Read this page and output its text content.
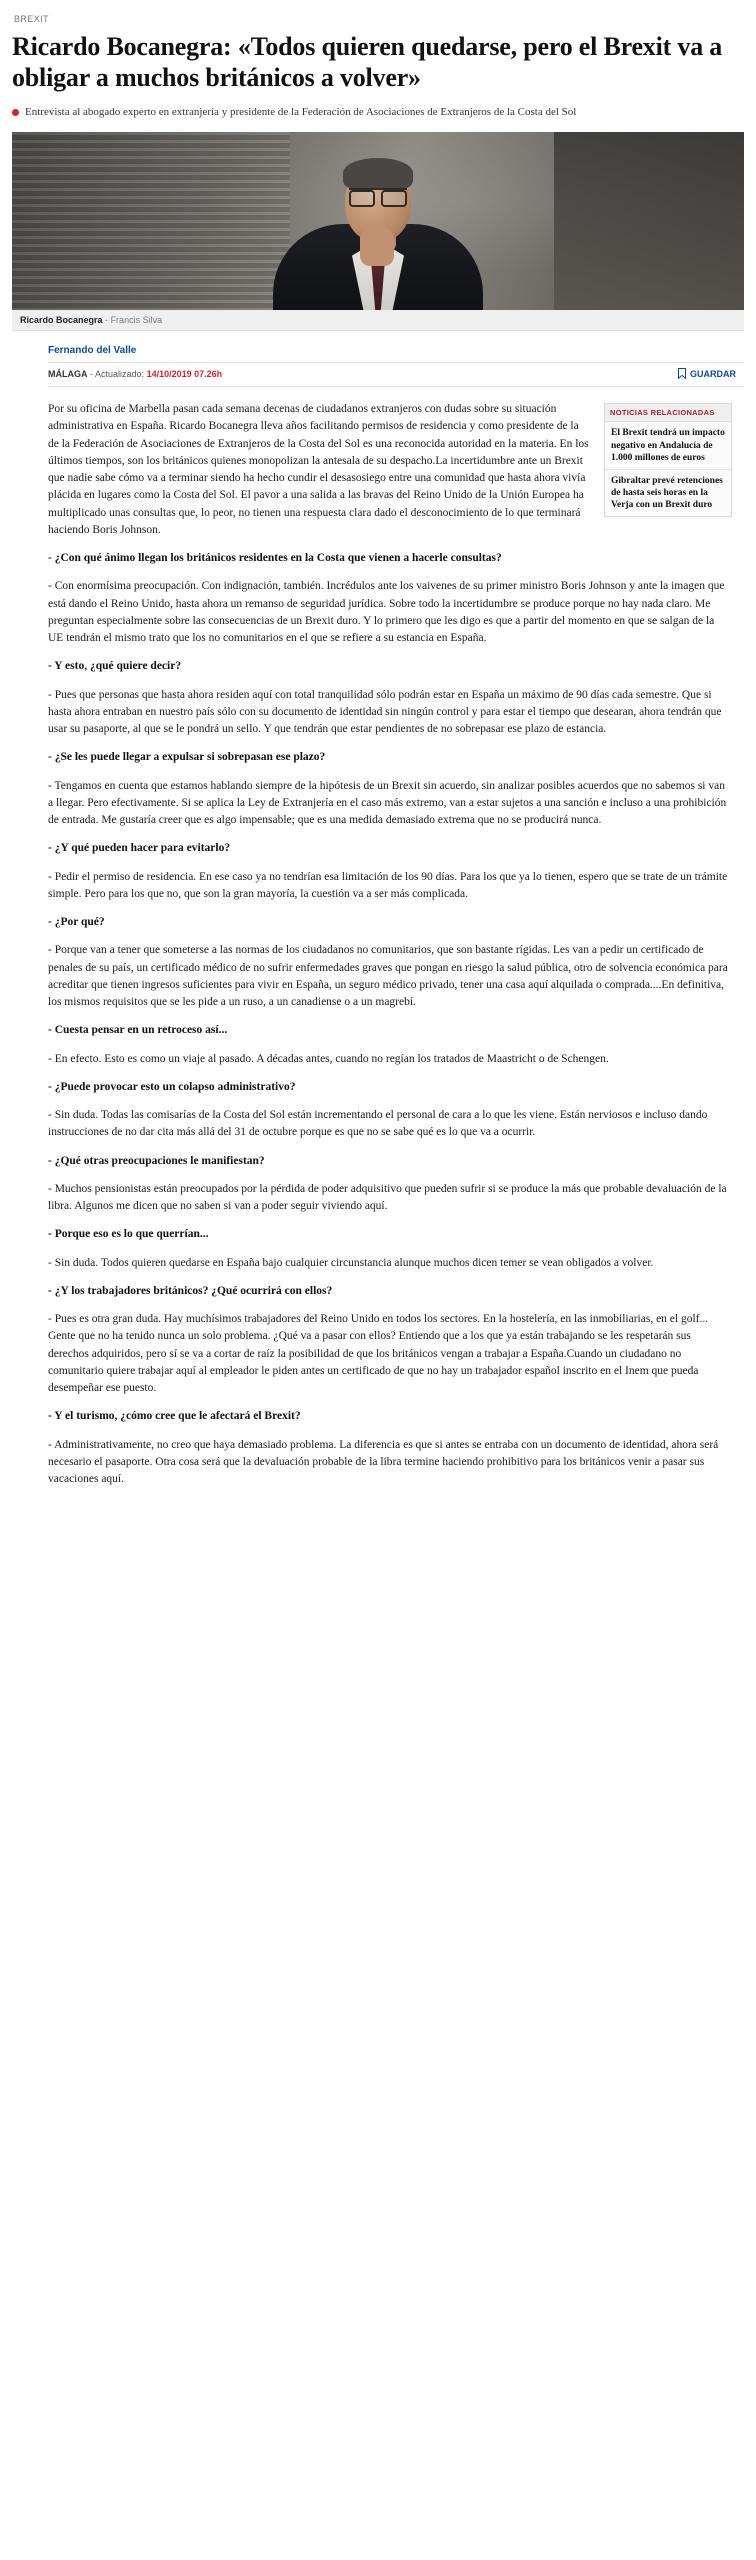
BREXIT
Ricardo Bocanegra: «Todos quieren quedarse, pero el Brexit va a obligar a muchos británicos a volver»
Entrevista al abogado experto en extranjería y presidente de la Federación de Asociaciones de Extranjeros de la Costa del Sol
Ricardo Bocanegra - Francis Silva
Fernando del Valle
MÁLAGA - Actualizado: 14/10/2019 07.26h	GUARDAR
NOTICIAS RELACIONADAS
El Brexit tendrá un impacto negativo en Andalucía de 1.000 millones de euros
Gibraltar prevé retenciones de hasta seis horas en la Verja con un Brexit duro

Por su oficina de Marbella pasan cada semana decenas de ciudadanos extranjeros con dudas sobre su situación administrativa en España. Ricardo Bocanegra lleva años facilitando permisos de residencia y como presidente de la de la Federación de Asociaciones de Extranjeros de la Costa del Sol es una reconocida autoridad en la materia. En los últimos tiempos, son los británicos quienes monopolizan la antesala de su despacho.La incertidumbre ante un Brexit que nadie sabe cómo va a terminar siendo ha hecho cundir el desasosiego entre una comunidad que hasta ahora vivía plácida en lugares como la Costa del Sol. El pavor a una salida a las bravas del Reino Unido de la Unión Europea ha multiplicado unas consultas que, lo peor, no tienen una respuesta clara dado el desconocimiento de lo que terminará haciendo Boris Johnson.

- ¿Con qué ánimo llegan los británicos residentes en la Costa que vienen a hacerle consultas?

- Con enormísima preocupación. Con indignación, también. Incrédulos ante los vaivenes de su primer ministro Boris Johnson y ante la imagen que está dando el Reino Unido, hasta ahora un remanso de seguridad jurídica. Sobre todo la incertidumbre se produce porque no hay nada claro. Me preguntan especialmente sobre las consecuencias de un Brexit duro. Y lo primero que les digo es que a partir del momento en que se salgan de la UE tendrán el mismo trato que los no comunitarios en el que se refiere a su estancia en España.

- Y esto, ¿qué quiere decir?

- Pues que personas que hasta ahora residen aquí con total tranquilidad sólo podrán estar en España un máximo de 90 días cada semestre. Que si hasta ahora entraban en nuestro país sólo con su documento de identidad sin ningún control y para estar el tiempo que desearan, ahora tendrán que usar su pasaporte, al que se le pondrá un sello. Y que tendrán que estar pendientes de no sobrepasar ese plazo de estancia.

- ¿Se les puede llegar a expulsar si sobrepasan ese plazo?

- Tengamos en cuenta que estamos hablando siempre de la hipótesis de un Brexit sin acuerdo, sin analizar posibles acuerdos que no sabemos si van a llegar. Pero efectivamente. Si se aplica la Ley de Extranjería en el caso más extremo, van a estar sujetos a una sanción e incluso a una prohibición de entrada. Me gustaría creer que es algo impensable; que es una medida demasiado extrema que no se producirá nunca.

- ¿Y qué pueden hacer para evitarlo?

- Pedir el permiso de residencia. En ese caso ya no tendrían esa limitación de los 90 días. Para los que ya lo tienen, espero que se trate de un trámite simple. Pero para los que no, que son la gran mayoría, la cuestión va a ser más complicada.

- ¿Por qué?

- Porque van a tener que someterse a las normas de los ciudadanos no comunitarios, que son bastante rígidas. Les van a pedir un certificado de penales de su país, un certificado médico de no sufrir enfermedades graves que pongan en riesgo la salud pública, otro de solvencia económica para acreditar que tienen ingresos suficientes para vivir en España, un seguro médico privado, tener una casa aquí alquilada o comprada....En definitiva, los mismos requisitos que se les pide a un ruso, a un canadiense o a un magrebí.

- Cuesta pensar en un retroceso así...

- En efecto. Esto es como un viaje al pasado. A décadas antes, cuando no regían los tratados de Maastricht o de Schengen.

- ¿Puede provocar esto un colapso administrativo?

- Sin duda. Todas las comisarías de la Costa del Sol están incrementando el personal de cara a lo que les viene. Están nerviosos e incluso dando instrucciones de no dar cita más allá del 31 de octubre porque es que no se sabe qué es lo que va a ocurrir.

- ¿Qué otras preocupaciones le manifiestan?

- Muchos pensionistas están preocupados por la pérdida de poder adquisitivo que pueden sufrir si se produce la más que probable devaluación de la libra. Algunos me dicen que no saben si van a poder seguir viviendo aquí.

- Porque eso es lo que querrían...

- Sin duda. Todos quieren quedarse en España bajo cualquier circunstancia alunque muchos dicen temer se vean obligados a volver.

- ¿Y los trabajadores británicos? ¿Qué ocurrirá con ellos?

- Pues es otra gran duda. Hay muchísimos trabajadores del Reino Unido en todos los sectores. En la hostelería, en las inmobiliarias, en el golf... Gente que no ha tenido nunca un solo problema. ¿Qué va a pasar con ellos? Entiendo que a los que ya están trabajando se les respetarán sus derechos adquiridos, pero sí se va a cortar de raíz la posibilidad de que los británicos vengan a trabajar a España.Cuando un ciudadano no comunitario quiere trabajar aquí al empleador le piden antes un certificado de que no hay un trabajador español inscrito en el Inem que pueda desempeñar ese puesto.

- Y el turismo, ¿cómo cree que le afectará el Brexit?

- Administrativamente, no creo que haya demasiado problema. La diferencia es que si antes se entraba con un documento de identidad, ahora será necesario el pasaporte. Otra cosa será que la devaluación probable de la libra termine haciendo prohibitivo para los británicos venir a pasar sus vacaciones aquí.
